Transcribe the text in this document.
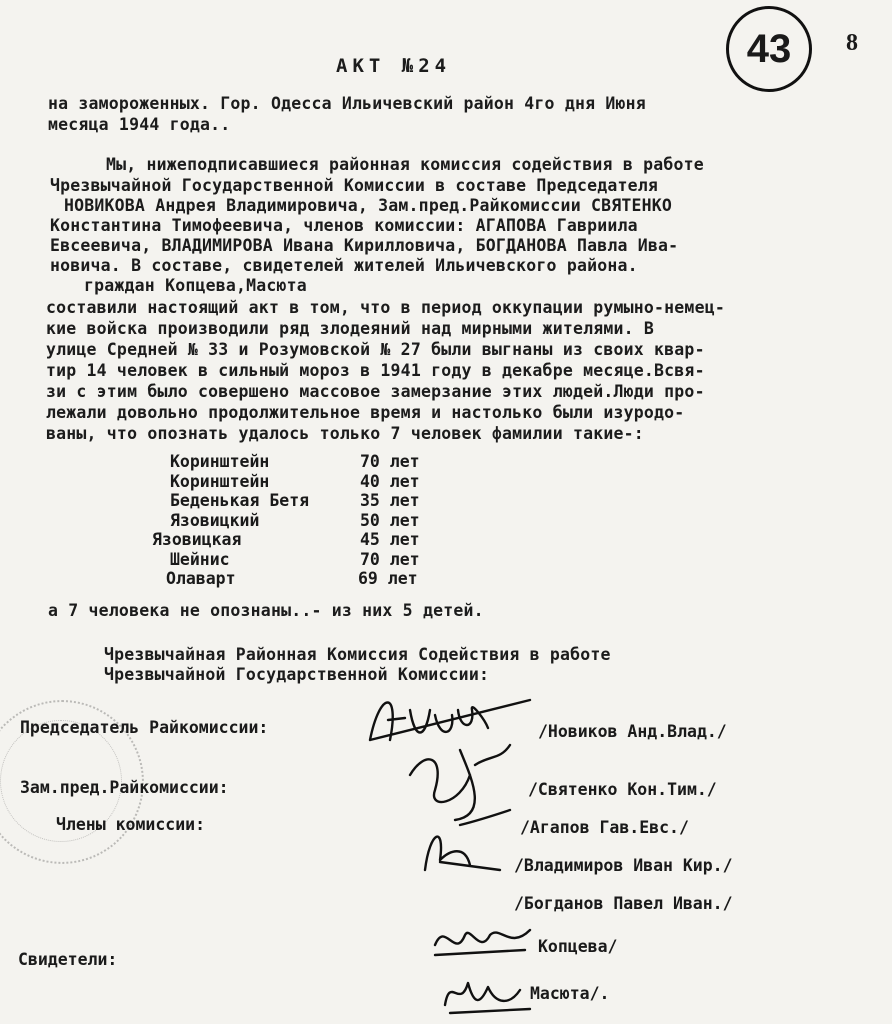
АКТ №24	43 8
на замороженных. Гор. Одесса Ильичевский район 4го дня Июня
месяца 1944 года..
Мы, нижеподписавшиеся районная комиссия содействия в работе
Чрезвычайной Государственной Комиссии в составе Председателя
НОВИКОВА Андрея Владимировича, Зам.пред.Райкомиссии СВЯТЕНКО
Константина Тимофеевича, членов комиссии: АГАПОВА Гавриила
Евсеевича, ВЛАДИМИРОВА Ивана Кирилловича, БОГДАНОВА Павла Ива-
новича. В составе, свидетелей жителей Ильичевского района.
граждан Копцева,Масюта
составили настоящий акт в том, что в период оккупации румыно-немец-
кие войска производили ряд злодеяний над мирными жителями. В
улице Средней № 33 и Розумовской № 27 были выгнаны из своих квар-
тир 14 человек в сильный мороз в 1941 году в декабре месяце.Всвя-
зи с этим было совершено массовое замерзание этих людей.Люди про-
лежали довольно продолжительное время и настолько были изуродо-
ваны, что опознать удалось только 7 человек фамилии такие-:
Коринштейн	70 лет
Коринштейн	40 лет
Беденькая Бетя	35 лет
Язовицкий	50 лет
Язовицкая	45 лет
Шейнис	70 лет
Олаварт	69 лет
а 7 человека не опознаны..- из них 5 детей.
Чрезвычайная Районная Комиссия Содействия в работе
Чрезвычайной Государственной Комиссии:
Председатель Райкомиссии:	/Новиков Анд.Влад./
Зам.пред.Райкомиссии:	/Святенко Кон.Тим./
Члены комиссии:	/Агапов Гав.Евс./
/Владимиров Иван Кир./
/Богданов Павел Иван./
Свидетели:
Копцева/
Масюта/.
